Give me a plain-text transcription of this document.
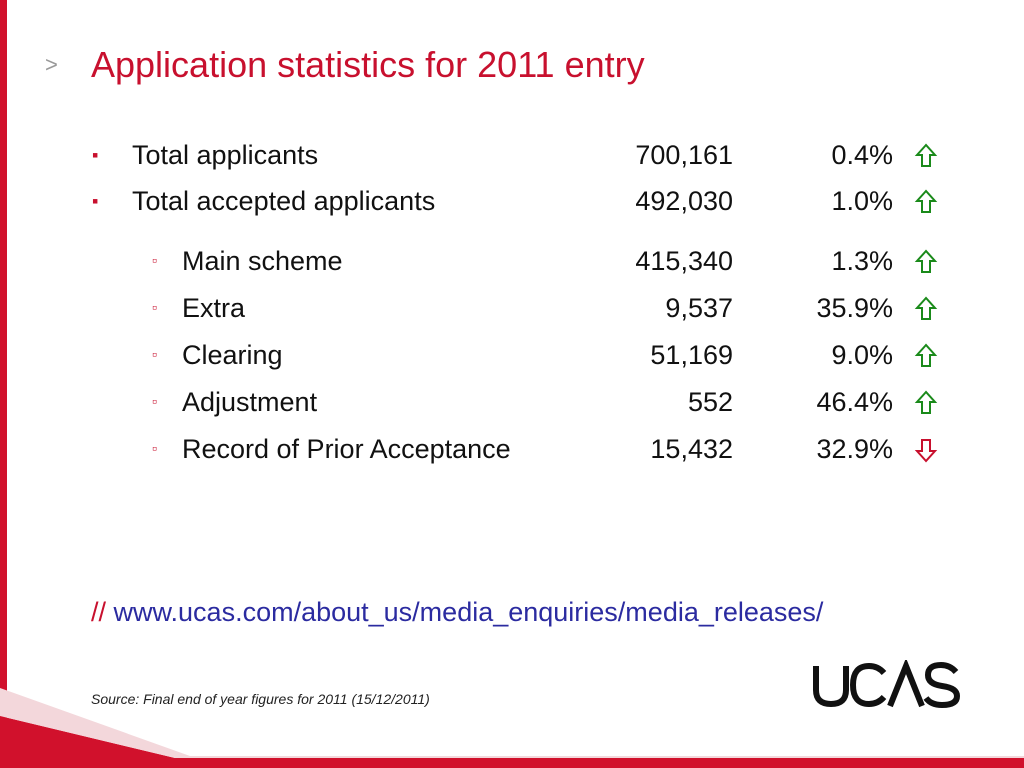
> Application statistics for 2011 entry
▪ Total applicants	700,161	0.4%
▪ Total accepted applicants	492,030	1.0%
▫ Main scheme	415,340	1.3%
▫ Extra	9,537	35.9%
▫ Clearing	51,169	9.0%
▫ Adjustment	552	46.4%
▫ Record of Prior Acceptance	15,432	32.9%
// www.ucas.com/about_us/media_enquiries/media_releases/
Source: Final end of year figures for 2011 (15/12/2011)
